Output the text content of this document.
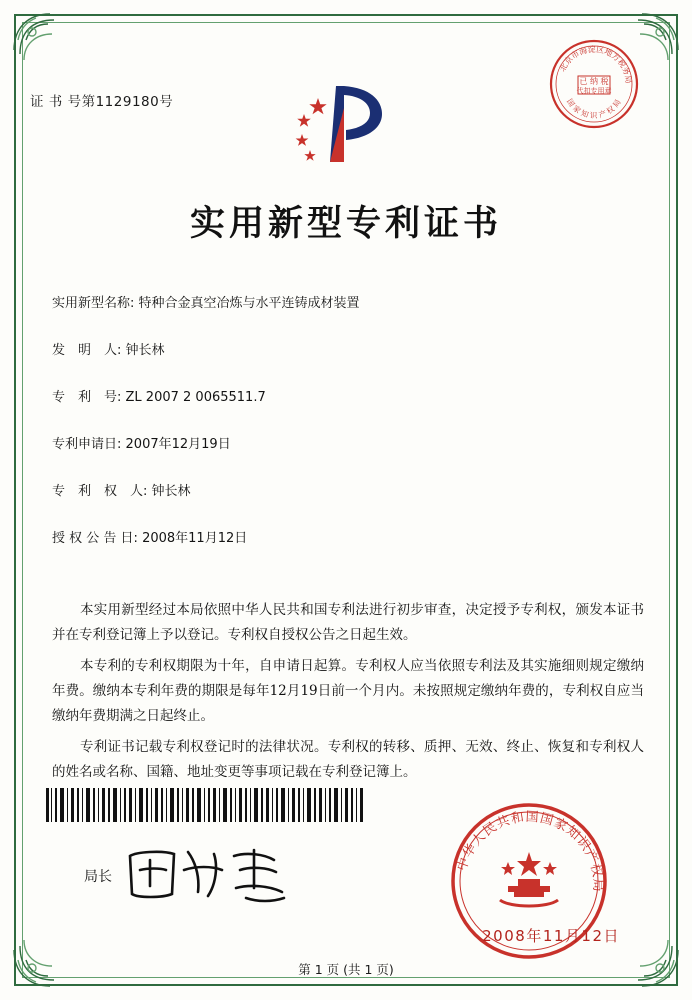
证 书 号第1129180号
已 纳 税
代扣专用章
北京市海淀区地方税务局
国 家 知 识 产 权 局
实用新型专利证书
实用新型名称: 特种合金真空冶炼与水平连铸成材装置
发　明　人: 钟长林
专　利　号: ZL 2007 2 0065511.7
专利申请日: 2007年12月19日
专　利　权　人: 钟长林
授 权 公 告 日: 2008年11月12日

本实用新型经过本局依照中华人民共和国专利法进行初步审查，决定授予专利权，颁发本证书并在专利登记簿上予以登记。专利权自授权公告之日起生效。

本专利的专利权期限为十年，自申请日起算。专利权人应当依照专利法及其实施细则规定缴纳年费。缴纳本专利年费的期限是每年12月19日前一个月内。未按照规定缴纳年费的，专利权自应当缴纳年费期满之日起终止。

专利证书记载专利权登记时的法律状况。专利权的转移、质押、无效、终止、恢复和专利权人的姓名或名称、国籍、地址变更等事项记载在专利登记簿上。

局长
中华人民共和国国家知识产权局
2008年11月12日
第 1 页 (共 1 页)
